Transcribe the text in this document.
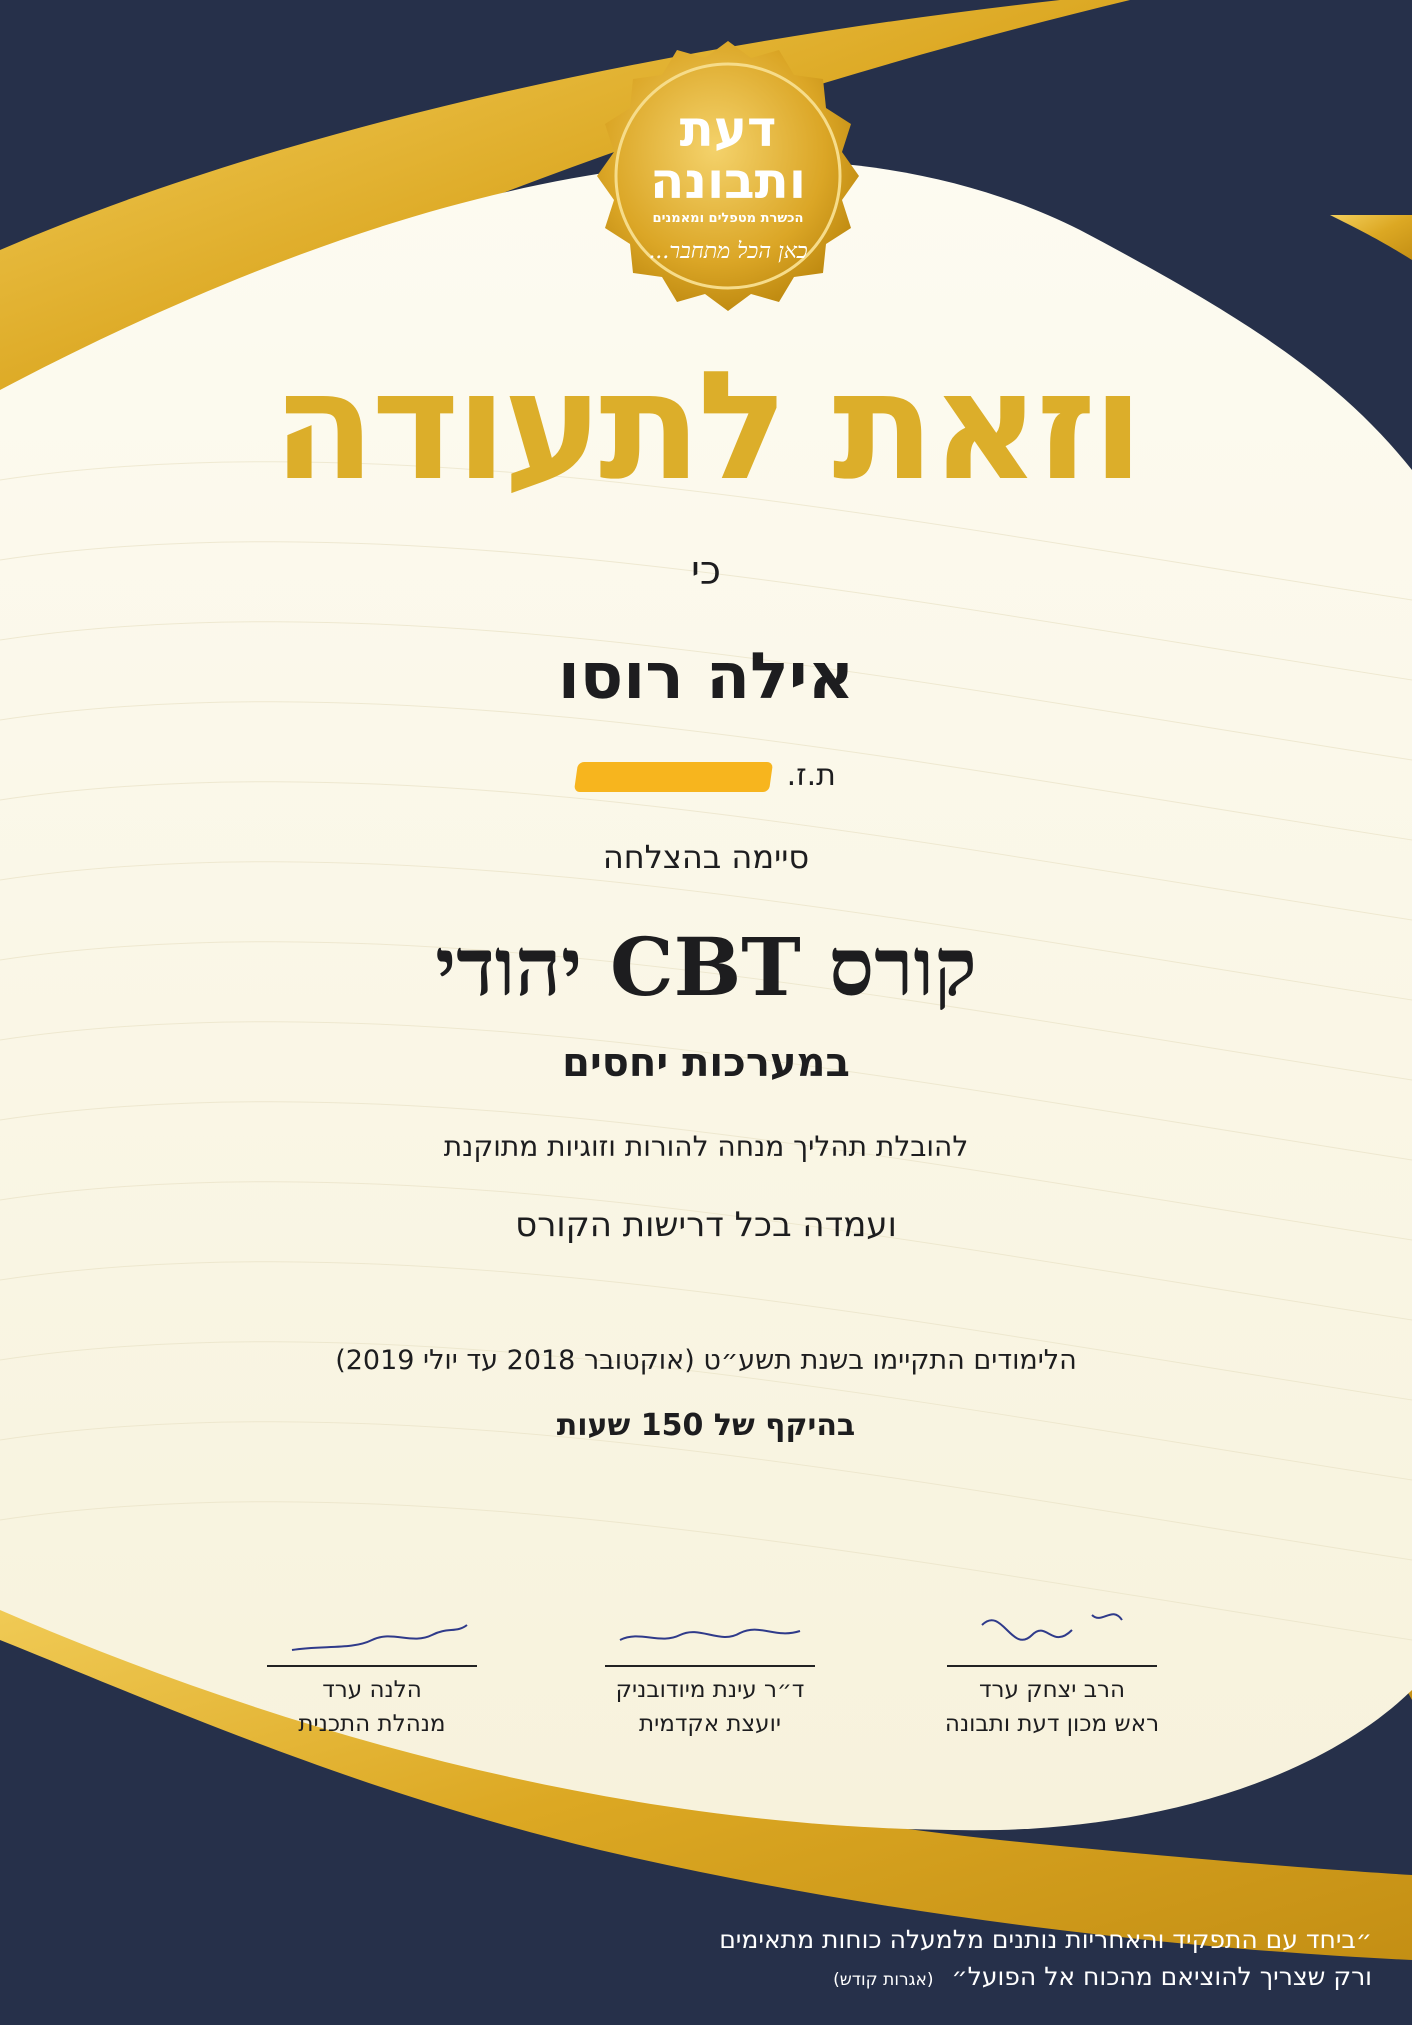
דעת
ותבונה
הכשרת מטפלים ומאמנים
כאן הכל מתחבר...
וזאת לתעודה
כי
אילה רוסו
ת.ז.
סיימה בהצלחה
קורס CBT יהודי
במערכות יחסים
להובלת תהליך מנחה להורות וזוגיות מתוקנת
ועמדה בכל דרישות הקורס
הלימודים התקיימו בשנת תשע״ט (אוקטובר 2018 עד יולי 2019)
בהיקף של 150 שעות
הרב יצחק ערד
ראש מכון דעת ותבונה
ד״ר עינת מיודובניק
יועצת אקדמית
הלנה ערד
מנהלת התכנית
״ביחד עם התפקיד והאחריות נותנים מלמעלה כוחות מתאימים
ורק שצריך להוציאם מהכוח אל הפועל״ (אגרות קודש)
